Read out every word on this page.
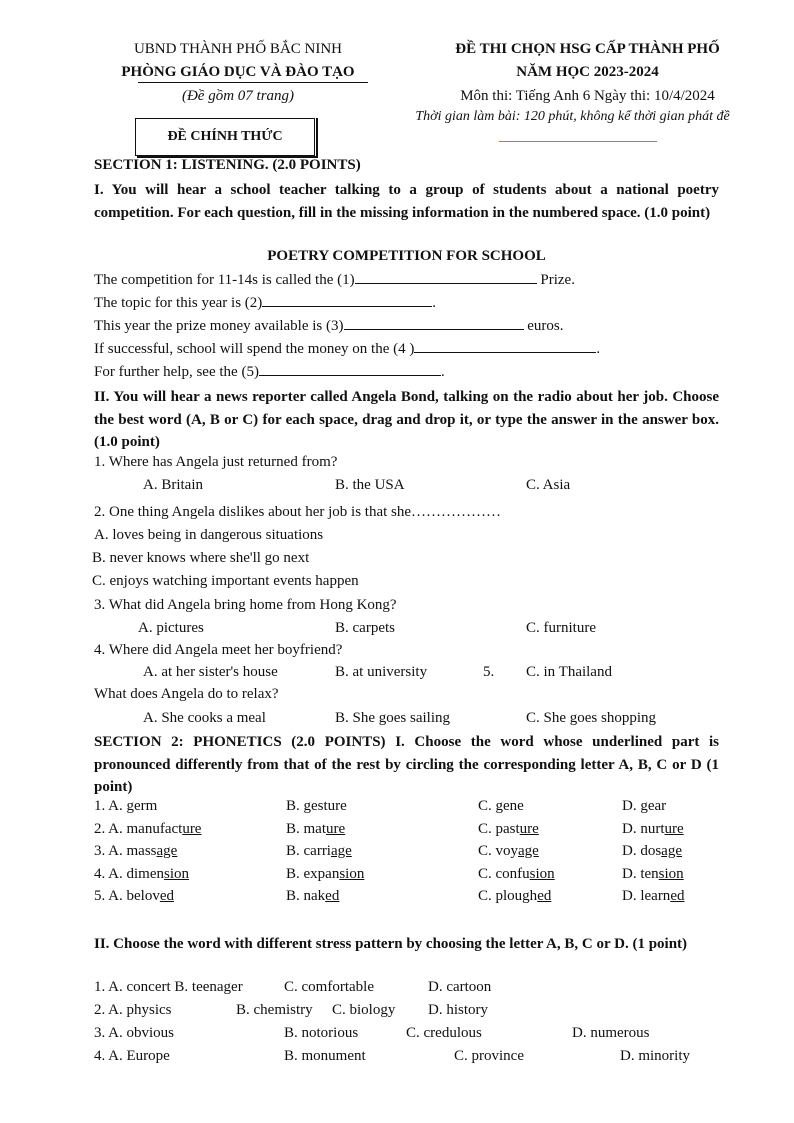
UBND THÀNH PHỐ BẮC NINH
PHÒNG GIÁO DỤC VÀ ĐÀO TẠO
(Đề gồm 07 trang)
ĐỀ CHÍNH THỨC
ĐỀ THI CHỌN HSG CẤP THÀNH PHỐ
NĂM HỌC 2023-2024
Môn thi: Tiếng Anh 6 Ngày thi: 10/4/2024
Thời gian làm bài: 120 phút, không kể thời gian phát đề
SECTION 1: LISTENING. (2.0 POINTS)
I. You will hear a school teacher talking to a group of students about a national poetry competition. For each question, fill in the missing information in the numbered space. (1.0 point)
POETRY COMPETITION FOR SCHOOL
The competition for 11-14s is called the (1)	Prize.
The topic for this year is (2)	.
This year the prize money available is (3)	euros.
If successful, school will spend the money on the (4 )	.
For further help, see the (5)	.
II. You will hear a news reporter called Angela Bond, talking on the radio about her job. Choose the best word (A, B or C) for each space, drag and drop it, or type the answer in the answer box. (1.0 point)
1. Where has Angela just returned from?
A. Britain	B. the USA	C. Asia
2. One thing Angela dislikes about her job is that she………………
A. loves being in dangerous situations
B. never knows where she'll go next
C. enjoys watching important events happen
3. What did Angela bring home from Hong Kong?
A. pictures	B. carpets	C. furniture
4. Where did Angela meet her boyfriend?
A. at her sister's house	B. at university	5. C. in Thailand
What does Angela do to relax?
A. She cooks a meal	B. She goes sailing	C. She goes shopping
SECTION 2: PHONETICS (2.0 POINTS) I. Choose the word whose underlined part is pronounced differently from that of the rest by circling the corresponding letter A, B, C or D (1 point)
1. A. germ	B. gesture	C. gene	D. gear
2. A. manufacture	B. mature	C. pasture	D. nurture
3. A. massage	B. carriage	C. voyage	D. dosage
4. A. dimension	B. expansion	C. confusion	D. tension
5. A. beloved	B. naked	C. ploughed	D. learned
II. Choose the word with different stress pattern by choosing the letter A, B, C or D. (1 point)
1. A. concert B. teenager	C. comfortable	D. cartoon
2. A. physics	B. chemistry C. biology D. history
3. A. obvious	B. notorious	C. credulous	D. numerous
4. A. Europe	B. monument	C. province	D. minority
